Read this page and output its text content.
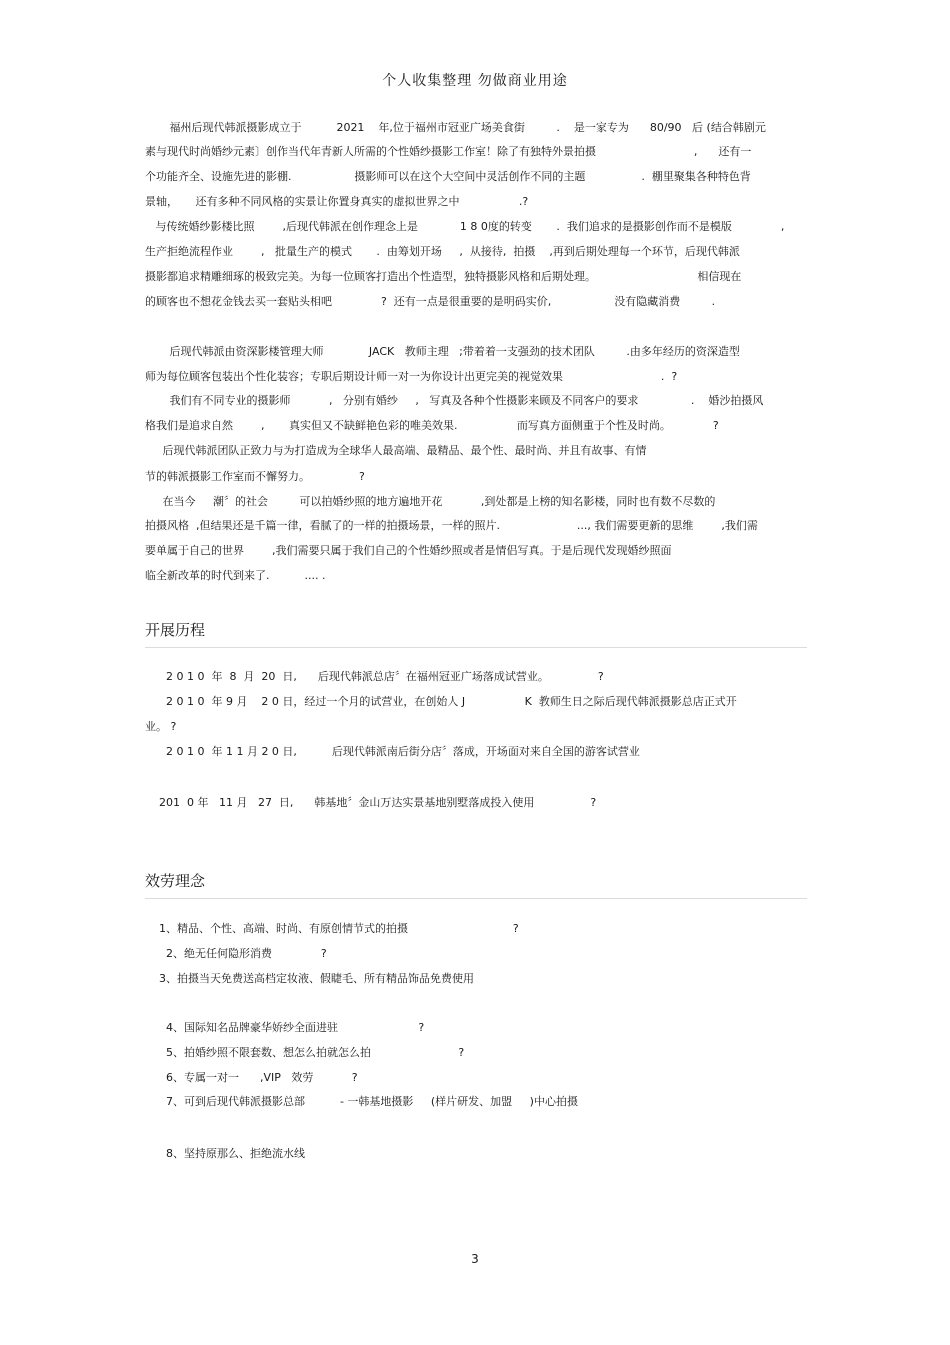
个人收集整理 勿做商业用途
福州后现代韩派摄影成立于          2021    年,位于福州市冠亚广场美食街         .    是一家专为      80/90   后 (结合韩剧元
素与现代时尚婚纱元素〕创作当代年青新人所需的个性婚纱摄影工作室！除了有独特外景拍摄                            ,      还有一
个功能齐全、设施先进的影棚.                  摄影师可以在这个大空间中灵活创作不同的主题                .  棚里聚集各种特色背
景轴，     还有多种不同风格的实景让你置身真实的虚拟世界之中                 .?
与传统婚纱影楼比照        ,后现代韩派在创作理念上是            1 8 0度的转变       .  我们追求的是摄影创作而不是模版              ,
生产拒绝流程作业        ,   批量生产的模式       .  由筹划开场     ,  从接待,  拍摄    ,再到后期处理每一个环节，后现代韩派
摄影都追求精雕细琢的极致完美。为每一位顾客打造出个性造型，独特摄影风格和后期处理。                             相信现在
的顾客也不想花金钱去买一套贴头相吧              ?  还有一点是很重要的是明码实价,                  没有隐藏消费         .
后现代韩派由资深影楼管理大师             JACK   教师主理   ;带着着一支强劲的技术团队         .由多年经历的资深造型
师为每位顾客包装出个性化装容；专职后期设计师一对一为你设计出更完美的视觉效果                            .  ?
我们有不同专业的摄影师           ,   分别有婚纱     ,   写真及各种个性摄影来顾及不同客户的要求               .    婚沙拍摄风
格我们是追求自然        ,       真实但又不缺鲜艳色彩的唯美效果.                 而写真方面侧重于个性及时尚。            ?
后现代韩派团队正致力与为打造成为全球华人最高端、最精品、最个性、最时尚、并且有故事、有情
节的韩派摄影工作室而不懈努力。              ?
在当今     潮〞的社会         可以拍婚纱照的地方遍地开花           ,到处都是上榜的知名影楼，同时也有数不尽数的
拍摄风格  ,但结果还是千篇一律，看腻了的一样的拍摄场景，一样的照片.                      ..., 我们需要更新的思维        ,我们需
要单属于自己的世界        ,我们需要只属于我们自己的个性婚纱照或者是情侣写真。于是后现代发现婚纱照面
临全新改革的时代到来了.          .... .
开展历程
2 0 1 0  年  8  月  20  日,      后现代韩派总店〞在福州冠亚广场落成试营业。              ?
2 0 1 0  年 9 月    2 0 日，经过一个月的试营业，在创始人 J                 K  教师生日之际后现代韩派摄影总店正式开
业。 ?
2 0 1 0  年 1 1 月 2 0 日,          后现代韩派南后街分店〞落成，开场面对来自全国的游客试营业
201  0 年   11 月   27  日,      韩基地〞金山万达实景基地别墅落成投入使用                ?
效劳理念
1、精品、个性、高端、时尚、有原创情节式的拍摄                              ?
2、绝无任何隐形消费              ?
3、拍摄当天免费送高档定妆液、假睫毛、所有精品饰品免费使用
4、国际知名品牌豪华娇纱全面进驻                       ?
5、拍婚纱照不限套数、想怎么拍就怎么拍                         ?
6、专属一对一      ,VIP   效劳           ?
7、可到后现代韩派摄影总部          - 一韩基地摄影     (样片研发、加盟     )中心拍摄
8、坚持原那么、拒绝流水线
3
